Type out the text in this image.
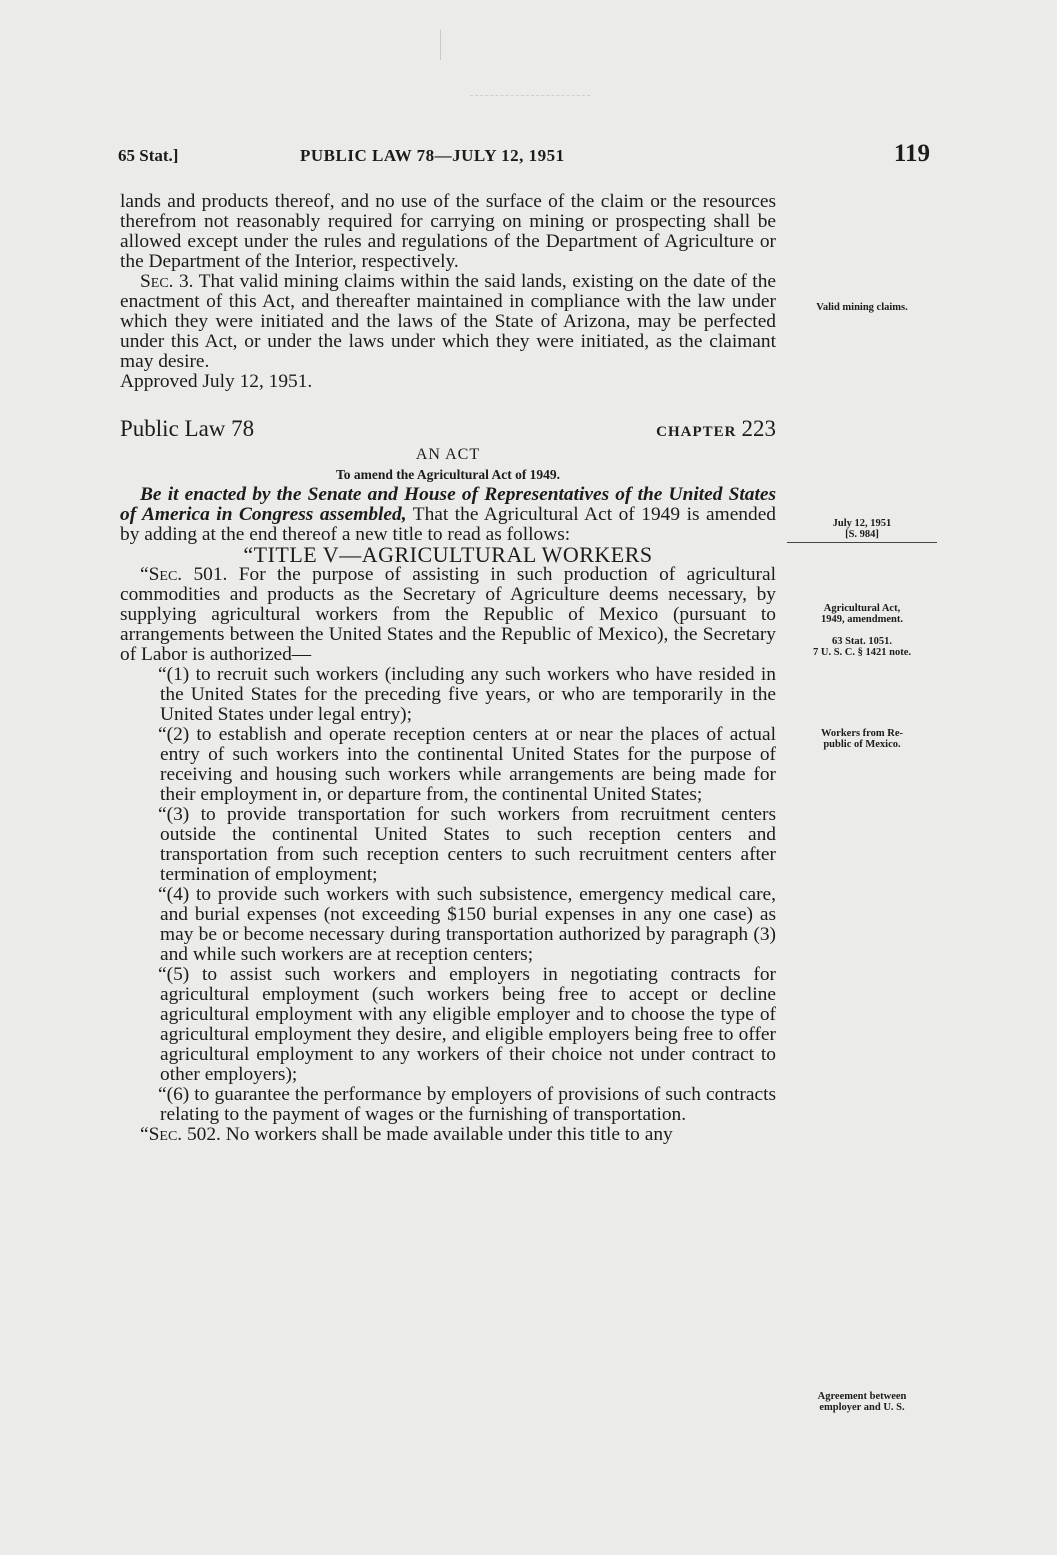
65 Stat.]	PUBLIC LAW 78—JULY 12, 1951	119

lands and products thereof, and no use of the surface of the claim or the resources therefrom not reasonably required for carrying on mining or prospecting shall be allowed except under the rules and regulations of the Department of Agriculture or the Department of the Interior, respectively.

Sec. 3. That valid mining claims within the said lands, existing on the date of the enactment of this Act, and thereafter maintained in compliance with the law under which they were initiated and the laws of the State of Arizona, may be perfected under this Act, or under the laws under which they were initiated, as the claimant may desire.

Approved July 12, 1951.

Public Law 78	CHAPTER 223

AN ACT

To amend the Agricultural Act of 1949.

Be it enacted by the Senate and House of Representatives of the United States of America in Congress assembled, That the Agricultural Act of 1949 is amended by adding at the end thereof a new title to read as follows:

“TITLE V—AGRICULTURAL WORKERS

“Sec. 501. For the purpose of assisting in such production of agricultural commodities and products as the Secretary of Agriculture deems necessary, by supplying agricultural workers from the Republic of Mexico (pursuant to arrangements between the United States and the Republic of Mexico), the Secretary of Labor is authorized—

“(1) to recruit such workers (including any such workers who have resided in the United States for the preceding five years, or who are temporarily in the United States under legal entry);

“(2) to establish and operate reception centers at or near the places of actual entry of such workers into the continental United States for the purpose of receiving and housing such workers while arrangements are being made for their employment in, or departure from, the continental United States;

“(3) to provide transportation for such workers from recruitment centers outside the continental United States to such reception centers and transportation from such reception centers to such recruitment centers after termination of employment;

“(4) to provide such workers with such subsistence, emergency medical care, and burial expenses (not exceeding $150 burial expenses in any one case) as may be or become necessary during transportation authorized by paragraph (3) and while such workers are at reception centers;

“(5) to assist such workers and employers in negotiating contracts for agricultural employment (such workers being free to accept or decline agricultural employment with any eligible employer and to choose the type of agricultural employment they desire, and eligible employers being free to offer agricultural employment to any workers of their choice not under contract to other employers);

“(6) to guarantee the performance by employers of provisions of such contracts relating to the payment of wages or the furnishing of transportation.

“Sec. 502. No workers shall be made available under this title to any

Valid mining claims.
July 12, 1951
[S. 984]
Agricultural Act,
1949, amendment.
63 Stat. 1051.
7 U. S. C. § 1421 note.
Workers from Re-
public of Mexico.
Agreement between
employer and U. S.
